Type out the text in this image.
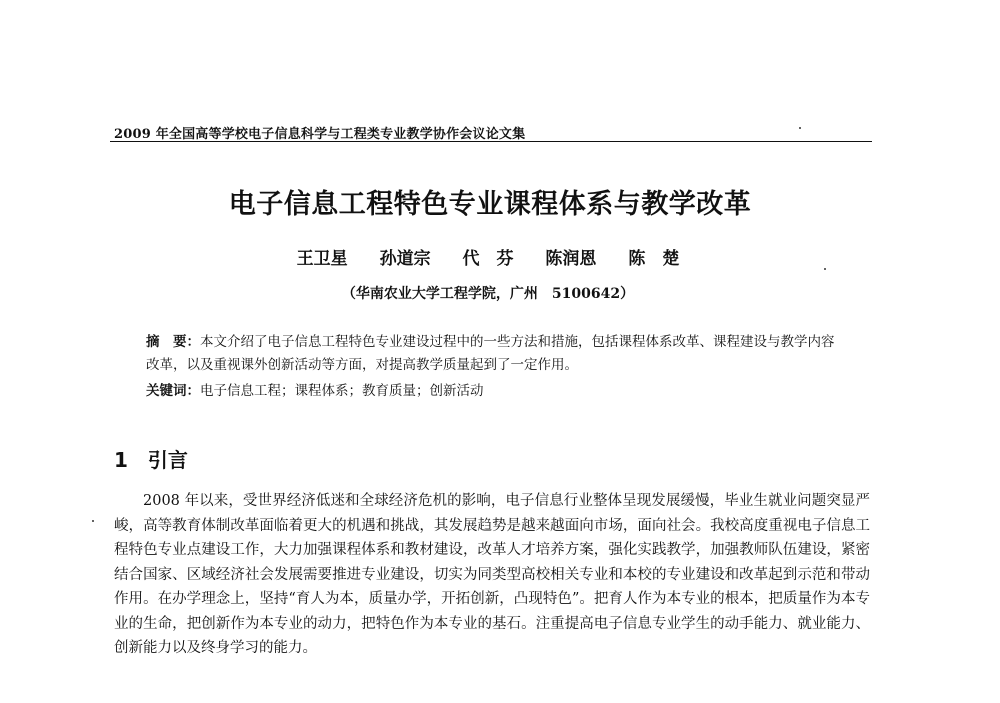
2009 年全国高等学校电子信息科学与工程类专业教学协作会议论文集
电子信息工程特色专业课程体系与教学改革
王卫星 孙道宗 代　芬 陈润恩 陈　楚
（华南农业大学工程学院，广州　5100642）

摘　要：本文介绍了电子信息工程特色专业建设过程中的一些方法和措施，包括课程体系改革、课程建设与教学内容改革，以及重视课外创新活动等方面，对提高教学质量起到了一定作用。

关键词：电子信息工程；课程体系；教育质量；创新活动
1 引言

2008 年以来，受世界经济低迷和全球经济危机的影响，电子信息行业整体呈现发展缓慢，毕业生就业问题突显严峻，高等教育体制改革面临着更大的机遇和挑战，其发展趋势是越来越面向市场，面向社会。我校高度重视电子信息工程特色专业点建设工作，大力加强课程体系和教材建设，改革人才培养方案，强化实践教学，加强教师队伍建设，紧密结合国家、区域经济社会发展需要推进专业建设，切实为同类型高校相关专业和本校的专业建设和改革起到示范和带动作用。在办学理念上，坚持“育人为本，质量办学，开拓创新，凸现特色”。把育人作为本专业的根本，把质量作为本专业的生命，把创新作为本专业的动力，把特色作为本专业的基石。注重提高电子信息专业学生的动手能力、就业能力、创新能力以及终身学习的能力。
